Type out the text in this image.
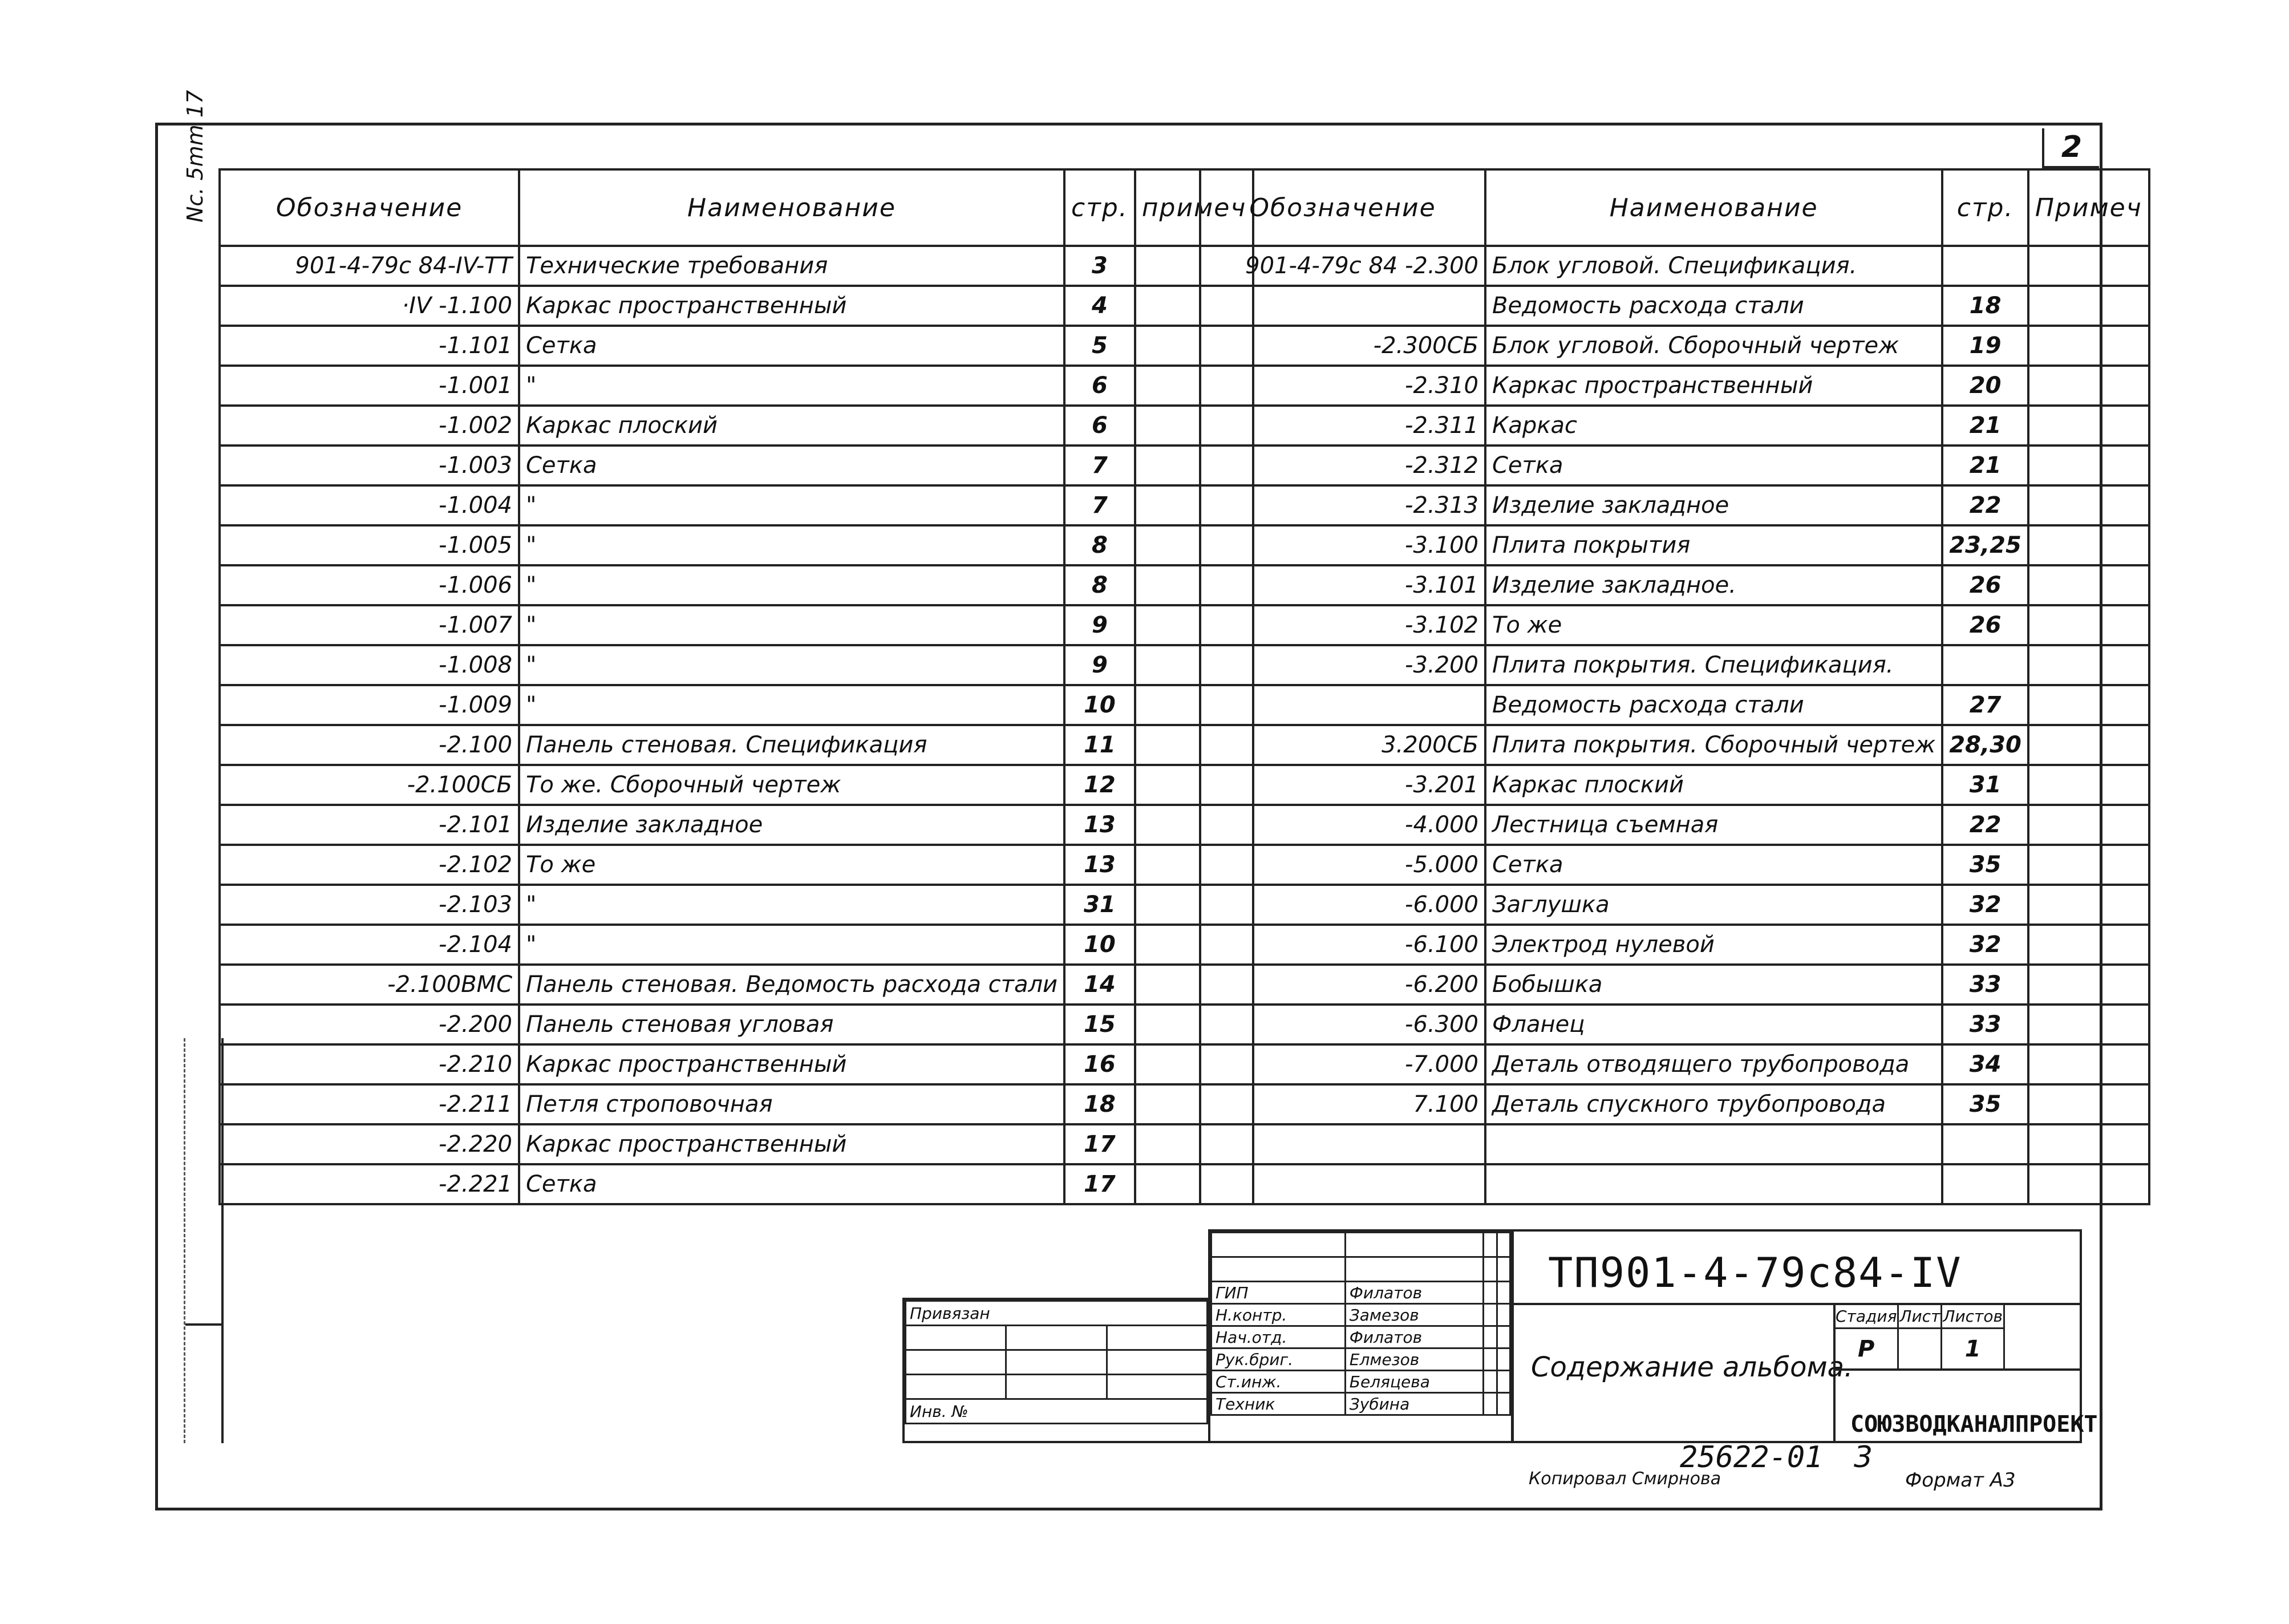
2
Nc. 5mm 17	Обозначение	Наименование	стр.	примеч
901-4-79с 84-IV-ТТ	Технические требования	3	
·IV -1.100	Каркас пространственный	4	
-1.101	Сетка	5	
-1.001	"	6	
-1.002	Каркас плоский	6	
-1.003	Сетка	7	
-1.004	"	7	
-1.005	"	8	
-1.006	"	8	
-1.007	"	9	
-1.008	"	9	
-1.009	"	10	
-2.100	Панель стеновая. Спецификация	11	
-2.100СБ	То же. Сборочный чертеж	12	
-2.101	Изделие закладное	13	
-2.102	То же	13	
-2.103	"	31	
-2.104	"	10	
-2.100ВМС	Панель стеновая. Ведомость расхода стали	14	
-2.200	Панель стеновая угловая	15	
-2.210	Каркас пространственный	16	
-2.211	Петля строповочная	18	
-2.220	Каркас пространственный	17	
-2.221	Сетка	17	
Обозначение	Наименование	стр.	Примеч
901-4-79с 84 -2.300	Блок угловой. Спецификация.		
	Ведомость расхода стали	18	
-2.300СБ	Блок угловой. Сборочный чертеж	19	
-2.310	Каркас пространственный	20	
-2.311	Каркас	21	
-2.312	Сетка	21	
-2.313	Изделие закладное	22	
-3.100	Плита покрытия	23,25	
-3.101	Изделие закладное.	26	
-3.102	То же	26	
-3.200	Плита покрытия. Спецификация.		
	Ведомость расхода стали	27	
3.200СБ	Плита покрытия. Сборочный чертеж	28,30	
-3.201	Каркас плоский	31	
-4.000	Лестница съемная	22	
-5.000	Сетка	35	
-6.000	Заглушка	32	
-6.100	Электрод нулевой	32	
-6.200	Бобышка	33	
-6.300	Фланец	33	
-7.000	Деталь отводящего трубопровода	34	
7.100	Деталь спускного трубопровода	35	

Привязан		

Инв. №		

ГИП	Филатов		
Н.контр.	Замезов		
Нач.отд.	Филатов		
Рук.бриг.	Елмезов		
Ст.инж.	Беляцева		
Техник	Зубина		
ТП901-4-79с84-IV
Содержание альбома.
Стадия	Лист	Листов
Р		1
СОЮЗВОДКАНАЛПРОЕКТ
25622-01 3
Копировал Смирнова	Формат А3
